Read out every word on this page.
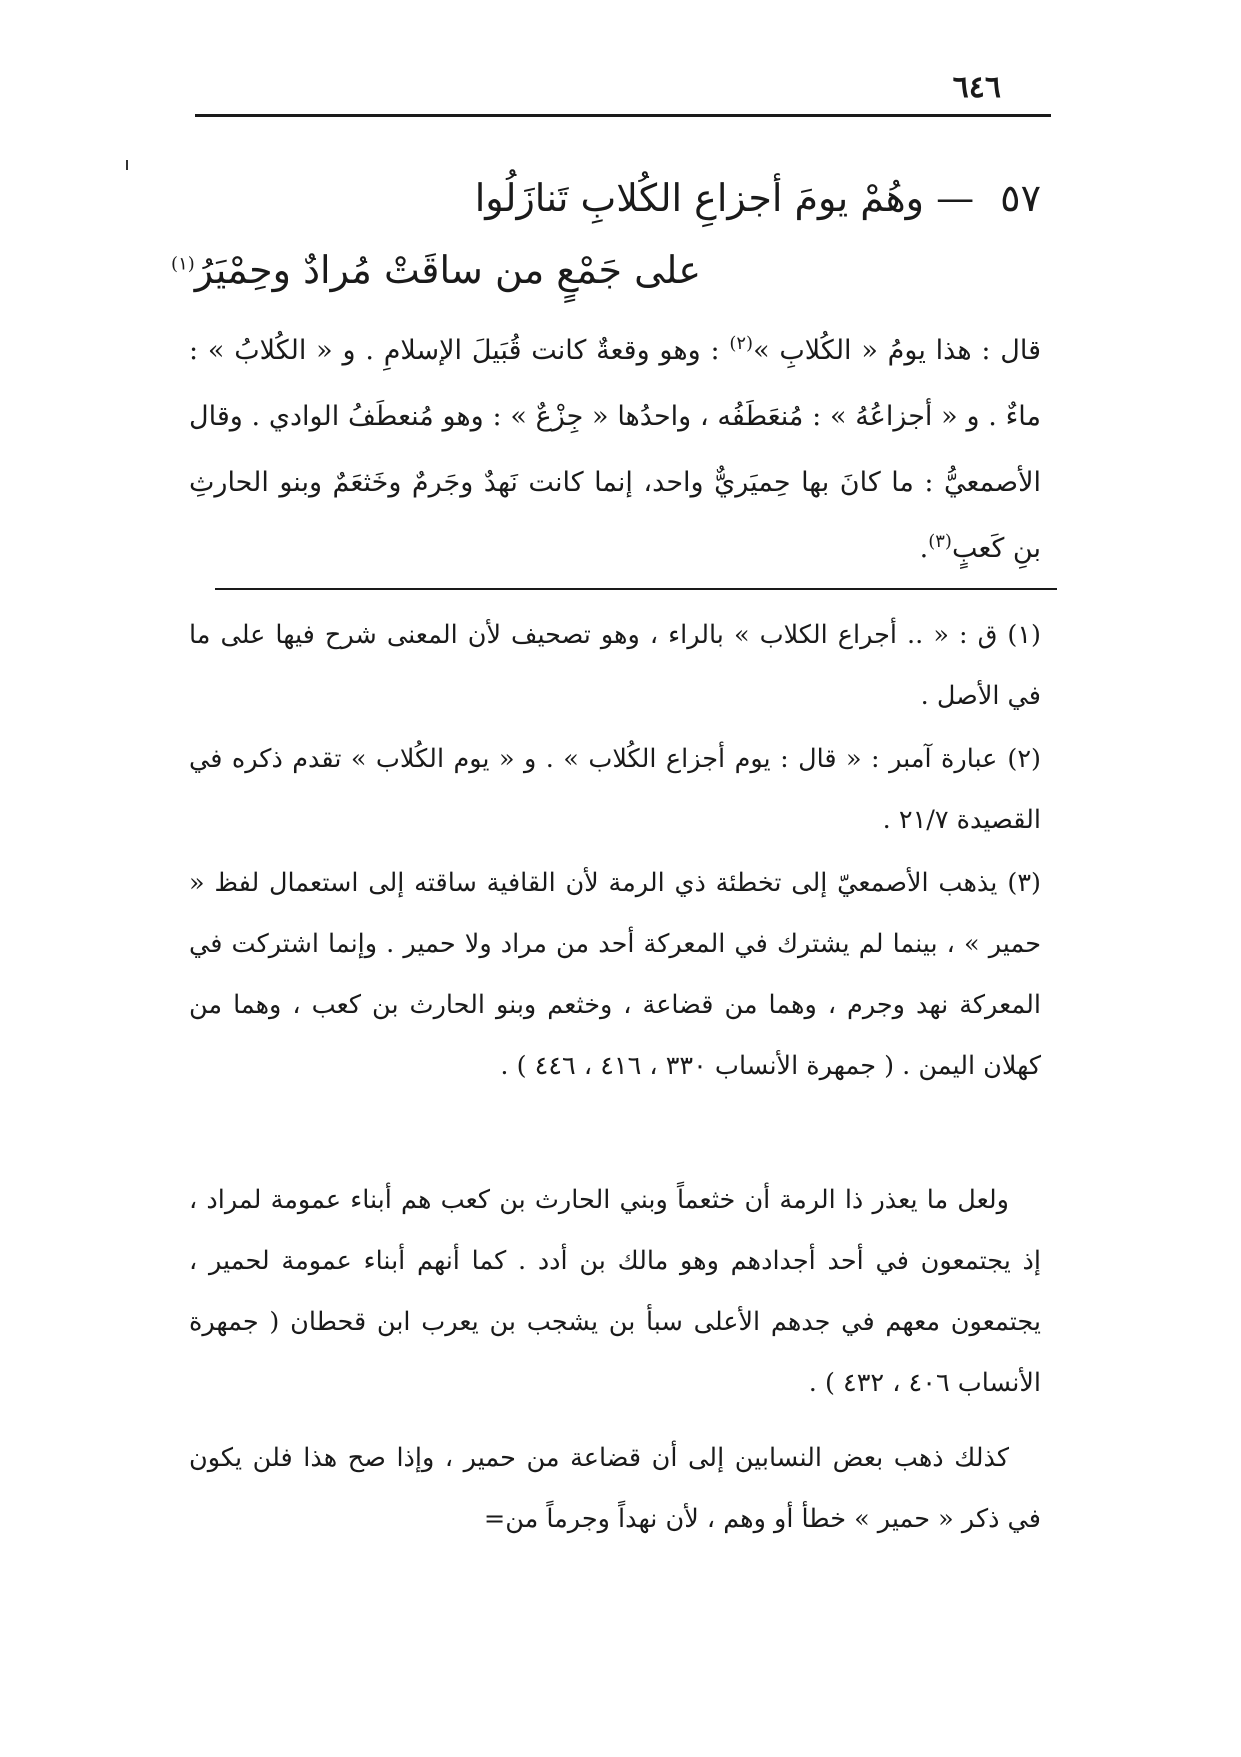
٦٤٦
٥٧ — وهُمْ يومَ أجزاعِ الكُلابِ تَنازَلُوا
على جَمْعٍ من ساقَتْ مُرادٌ وحِمْيَرُ$^{(١)}$

قال : هذا يومُ « الكُلابِ »$^{(٢)}$ : وهو وقعةٌ كانت قُبَيلَ الإسلامِ . و « الكُلابُ » : ماءٌ . و « أجزاعُهُ » : مُنعَطَفُه ، واحدُها « جِزْعٌ » : وهو مُنعطَفُ الوادي . وقال الأصمعيُّ : ما كانَ بها حِميَريٌّ واحد، إنما كانت نَهدٌ وجَرمٌ وخَثعَمٌ وبنو الحارثِ بنِ كَعبٍ$^{(٣)}$.

(١)ق : « .. أجراع الكلاب » بالراء ، وهو تصحيف لأن المعنى شرح فيها على ما في الأصل .

(٢)عبارة آمبر : « قال : يوم أجزاع الكُلاب » . و « يوم الكُلاب » تقدم ذكره في القصيدة ٢١/٧ .

(٣)يذهب الأصمعيّ إلى تخطئة ذي الرمة لأن القافية ساقته إلى استعمال لفظ « حمير » ، بينما لم يشترك في المعركة أحد من مراد ولا حمير . وإنما اشتركت في المعركة نهد وجرم ، وهما من قضاعة ، وخثعم وبنو الحارث بن كعب ، وهما من كهلان اليمن . ( جمهرة الأنساب ٣٣٠ ، ٤١٦ ، ٤٤٦ ) .

ولعل ما يعذر ذا الرمة أن خثعماً وبني الحارث بن كعب هم أبناء عمومة لمراد ، إذ يجتمعون في أحد أجدادهم وهو مالك بن أدد . كما أنهم أبناء عمومة لحمير ، يجتمعون معهم في جدهم الأعلى سبأ بن يشجب بن يعرب ابن قحطان ( جمهرة الأنساب ٤٠٦ ، ٤٣٢ ) .

كذلك ذهب بعض النسابين إلى أن قضاعة من حمير ، وإذا صح هذا فلن يكون في ذكر « حمير » خطأ أو وهم ، لأن نهداً وجرماً من=
